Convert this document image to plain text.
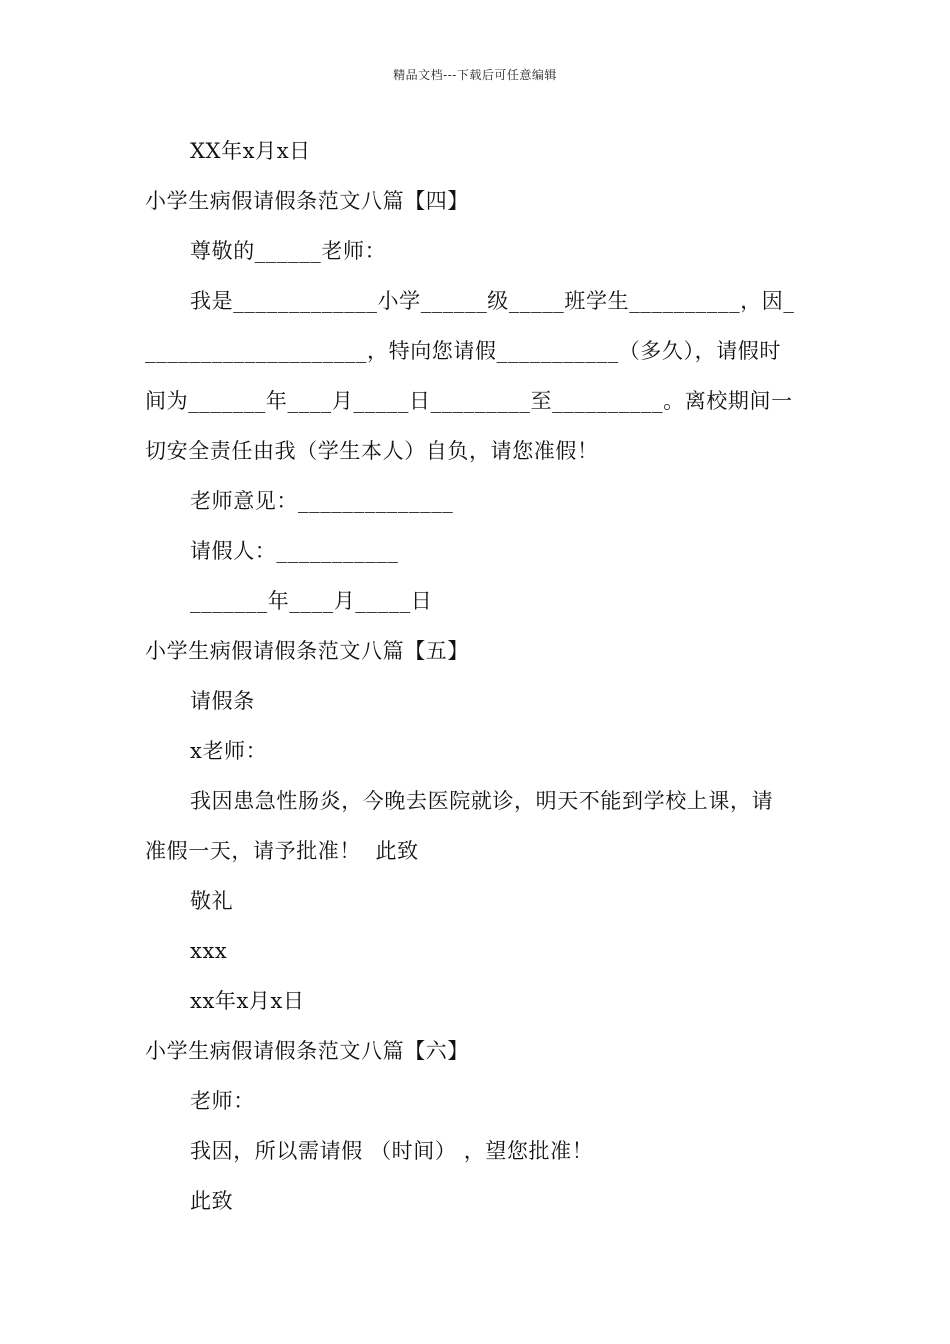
精品文档---下载后可任意编辑
XX年x月x日
小学生病假请假条范文八篇【四】
尊敬的______老师：
我是_____________小学______级_____班学生__________，因_
____________________，特向您请假___________（多久），请假时
间为_______年____月_____日_________至__________。离校期间一
切安全责任由我（学生本人）自负，请您准假！
老师意见：______________
请假人：___________
_______年____月_____日
小学生病假请假条范文八篇【五】
请假条
x老师：
我因患急性肠炎，今晚去医院就诊，明天不能到学校上课，请
准假一天，请予批准！  此致
敬礼
xxx
xx年x月x日
小学生病假请假条范文八篇【六】
老师：
我因，所以需请假 （时间） ，望您批准！
此致
